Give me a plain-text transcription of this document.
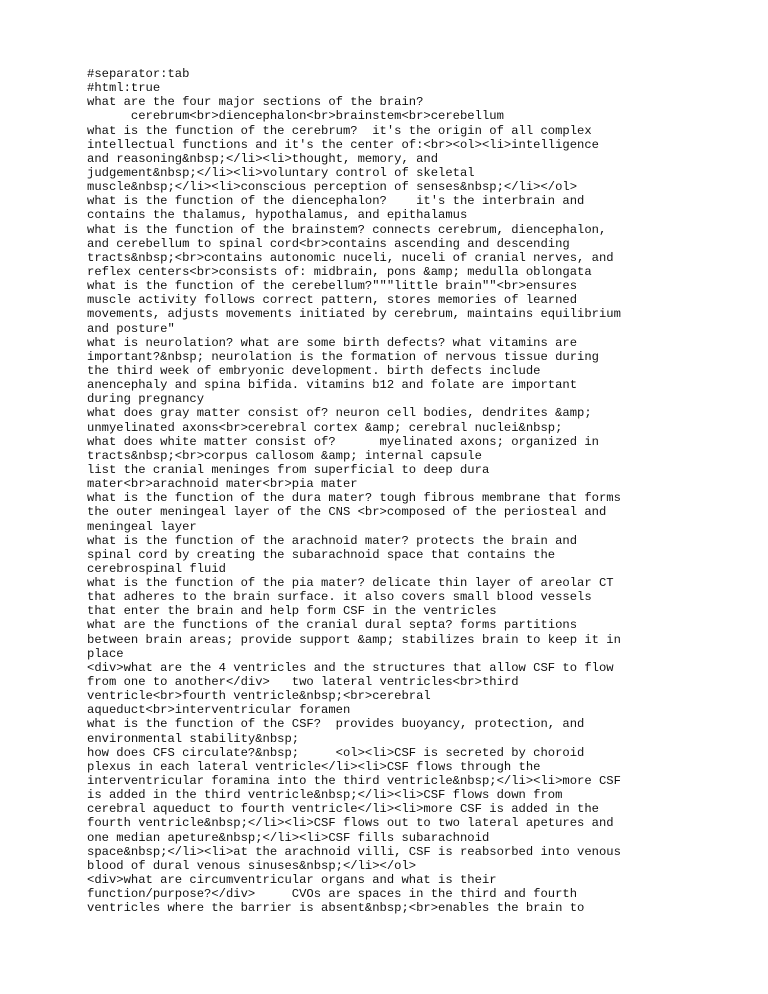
#separator:tab
#html:true
what are the four major sections of the brain?
cerebrum<br>diencephalon<br>brainstem<br>cerebellum
what is the function of the cerebrum?  it's the origin of all complex
intellectual functions and it's the center of:<br><ol><li>intelligence
and reasoning&nbsp;</li><li>thought, memory, and
judgement&nbsp;</li><li>voluntary control of skeletal
muscle&nbsp;</li><li>conscious perception of senses&nbsp;</li></ol>
what is the function of the diencephalon?    it's the interbrain and
contains the thalamus, hypothalamus, and epithalamus
what is the function of the brainstem? connects cerebrum, diencephalon,
and cerebellum to spinal cord<br>contains ascending and descending
tracts&nbsp;<br>contains autonomic nuceli, nuceli of cranial nerves, and
reflex centers<br>consists of: midbrain, pons &amp; medulla oblongata
what is the function of the cerebellum?"""little brain""<br>ensures
muscle activity follows correct pattern, stores memories of learned
movements, adjusts movements initiated by cerebrum, maintains equilibrium
and posture"
what is neurolation? what are some birth defects? what vitamins are
important?&nbsp; neurolation is the formation of nervous tissue during
the third week of embryonic development. birth defects include
anencephaly and spina bifida. vitamins b12 and folate are important
during pregnancy
what does gray matter consist of? neuron cell bodies, dendrites &amp;
unmyelinated axons<br>cerebral cortex &amp; cerebral nuclei&nbsp;
what does white matter consist of?      myelinated axons; organized in
tracts&nbsp;<br>corpus callosom &amp; internal capsule
list the cranial meninges from superficial to deep dura
mater<br>arachnoid mater<br>pia mater
what is the function of the dura mater? tough fibrous membrane that forms
the outer meningeal layer of the CNS <br>composed of the periosteal and
meningeal layer
what is the function of the arachnoid mater? protects the brain and
spinal cord by creating the subarachnoid space that contains the
cerebrospinal fluid
what is the function of the pia mater? delicate thin layer of areolar CT
that adheres to the brain surface. it also covers small blood vessels
that enter the brain and help form CSF in the ventricles
what are the functions of the cranial dural septa? forms partitions
between brain areas; provide support &amp; stabilizes brain to keep it in
place
<div>what are the 4 ventricles and the structures that allow CSF to flow
from one to another</div>   two lateral ventricles<br>third
ventricle<br>fourth ventricle&nbsp;<br>cerebral
aqueduct<br>interventricular foramen
what is the function of the CSF?  provides buoyancy, protection, and
environmental stability&nbsp;
how does CFS circulate?&nbsp;     <ol><li>CSF is secreted by choroid
plexus in each lateral ventricle</li><li>CSF flows through the
interventricular foramina into the third ventricle&nbsp;</li><li>more CSF
is added in the third ventricle&nbsp;</li><li>CSF flows down from
cerebral aqueduct to fourth ventricle</li><li>more CSF is added in the
fourth ventricle&nbsp;</li><li>CSF flows out to two lateral apetures and
one median apeture&nbsp;</li><li>CSF fills subarachnoid
space&nbsp;</li><li>at the arachnoid villi, CSF is reabsorbed into venous
blood of dural venous sinuses&nbsp;</li></ol>
<div>what are circumventricular organs and what is their
function/purpose?</div>     CVOs are spaces in the third and fourth
ventricles where the barrier is absent&nbsp;<br>enables the brain to
